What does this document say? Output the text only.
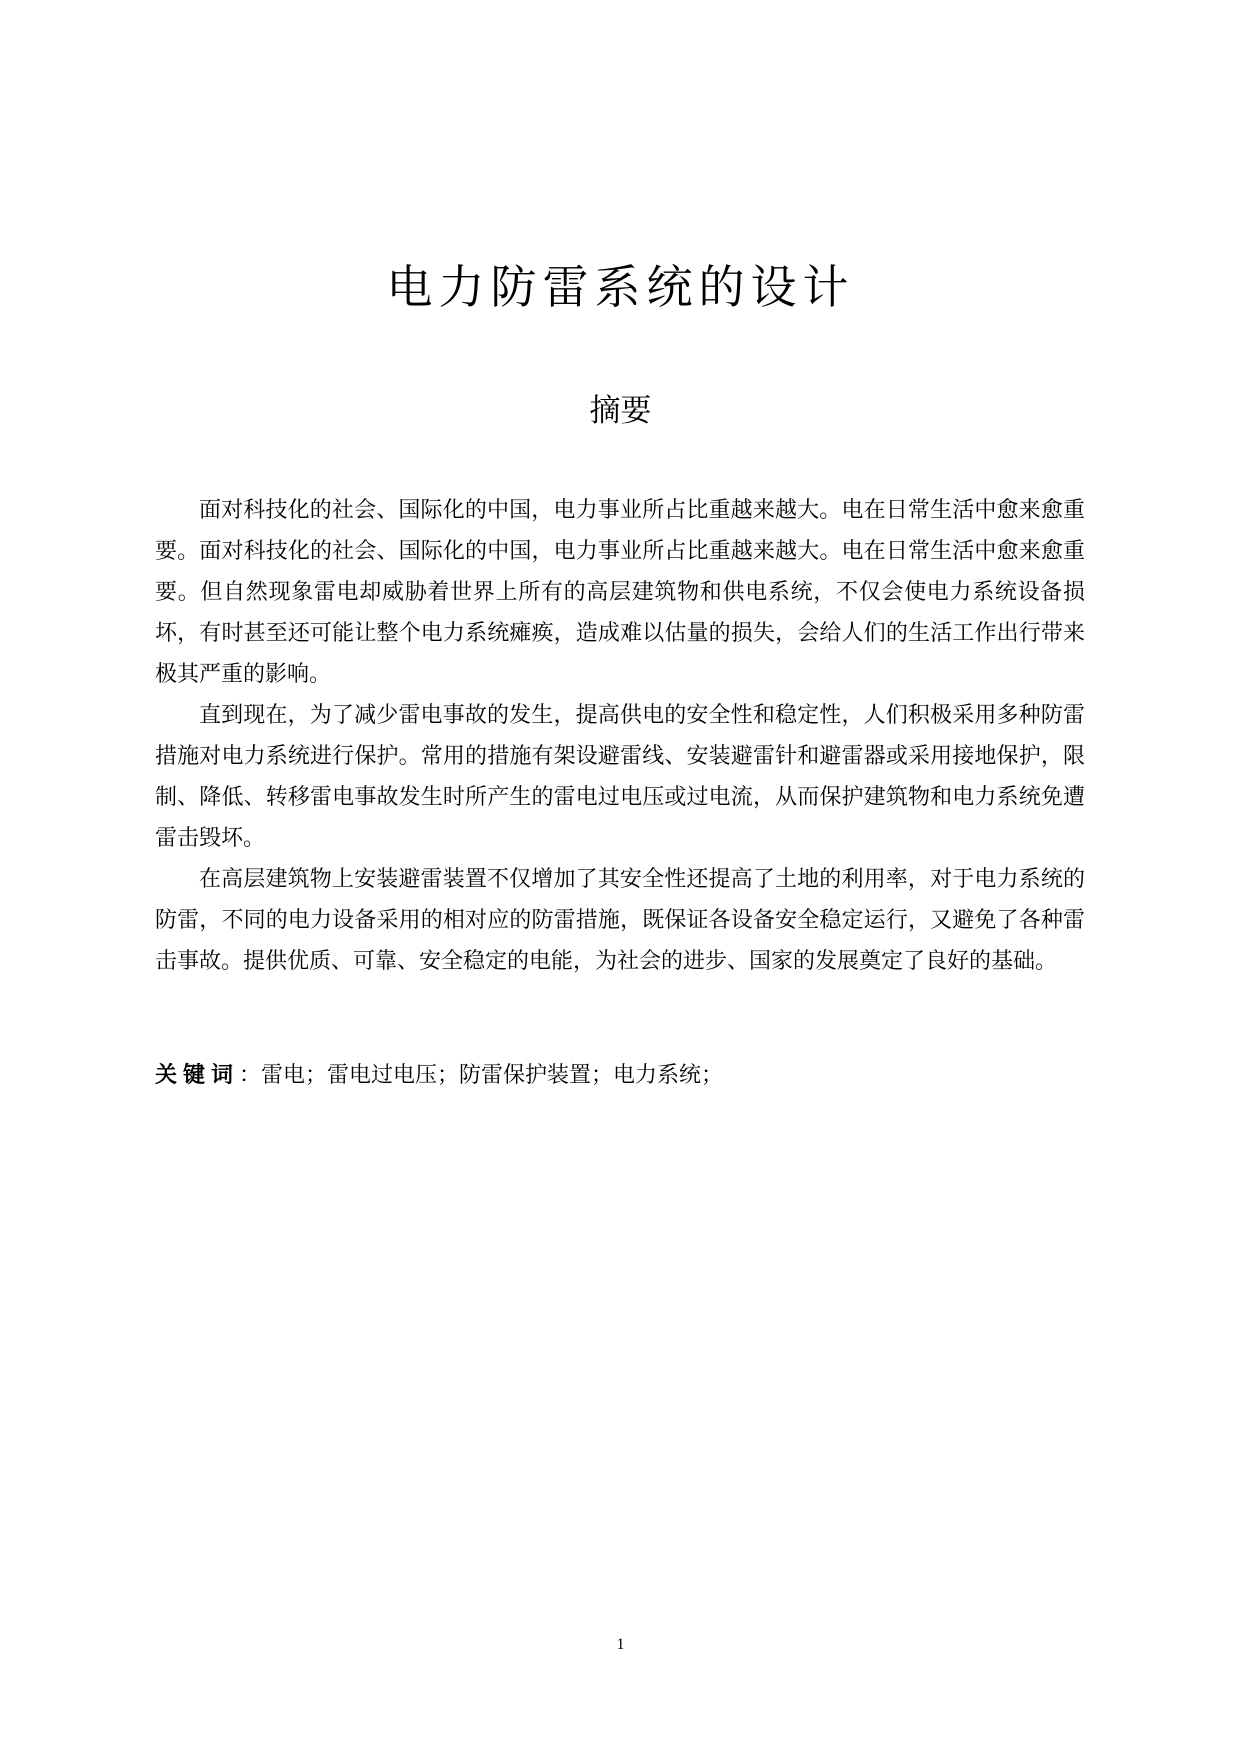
电力防雷系统的设计
摘要

面对科技化的社会、国际化的中国，电力事业所占比重越来越大。电在日常生活中愈来愈重要。面对科技化的社会、国际化的中国，电力事业所占比重越来越大。电在日常生活中愈来愈重要。但自然现象雷电却威胁着世界上所有的高层建筑物和供电系统，不仅会使电力系统设备损坏，有时甚至还可能让整个电力系统瘫痪，造成难以估量的损失，会给人们的生活工作出行带来极其严重的影响。

直到现在，为了减少雷电事故的发生，提高供电的安全性和稳定性，人们积极采用多种防雷措施对电力系统进行保护。常用的措施有架设避雷线、安装避雷针和避雷器或采用接地保护，限制、降低、转移雷电事故发生时所产生的雷电过电压或过电流，从而保护建筑物和电力系统免遭雷击毁坏。

在高层建筑物上安装避雷装置不仅增加了其安全性还提高了土地的利用率，对于电力系统的防雷，不同的电力设备采用的相对应的防雷措施，既保证各设备安全稳定运行，又避免了各种雷击事故。提供优质、可靠、安全稳定的电能，为社会的进步、国家的发展奠定了良好的基础。

关键词：雷电；雷电过电压；防雷保护装置；电力系统；
1
